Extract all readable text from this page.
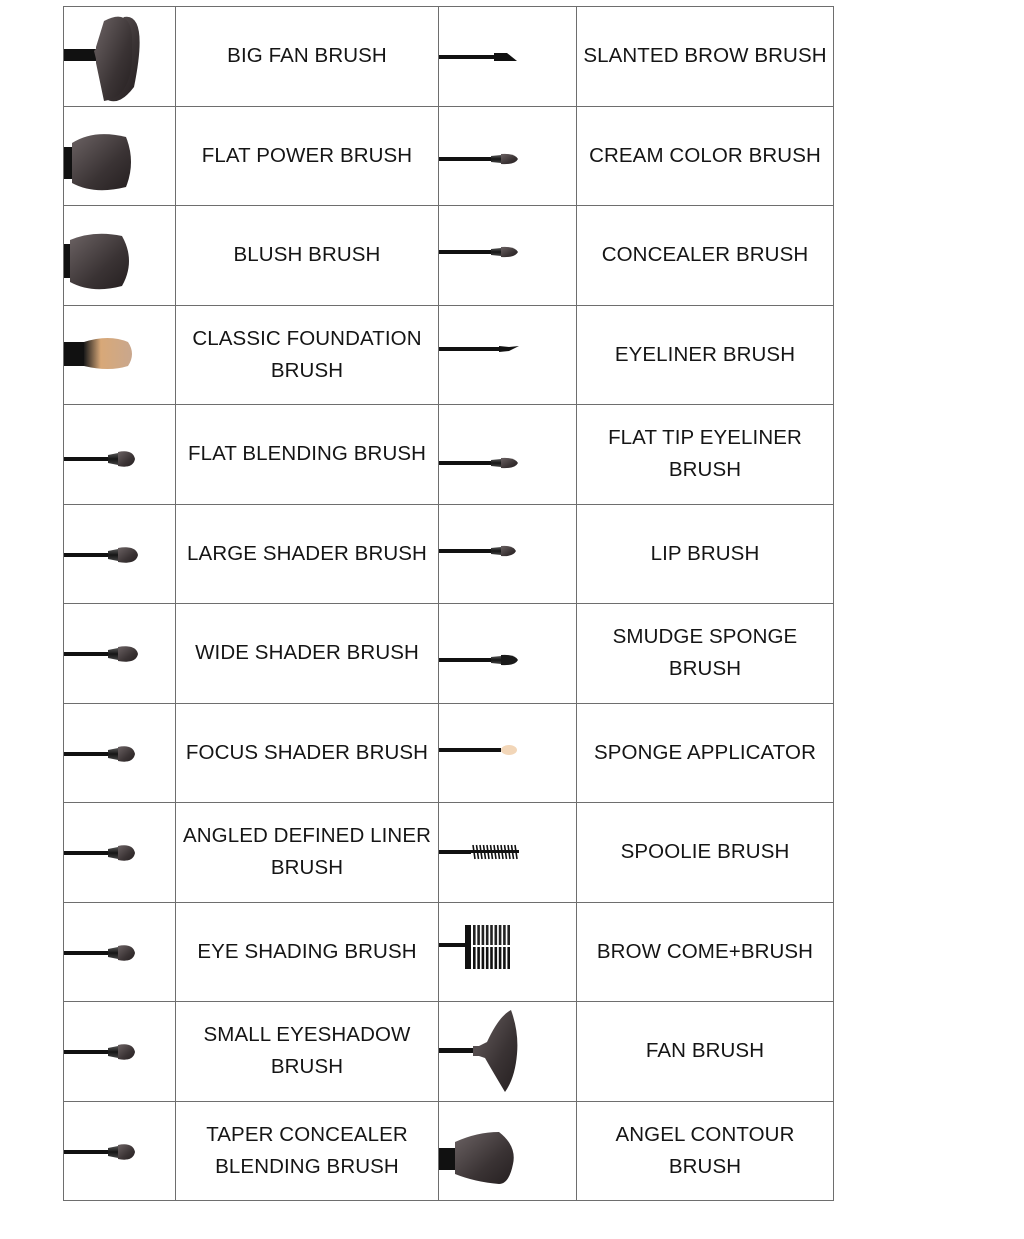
BIG FAN BRUSH		SLANTED BROW BRUSH

FLAT POWER BRUSH		CREAM COLOR BRUSH

BLUSH BRUSH		CONCEALER BRUSH

CLASSIC FOUNDATION
BRUSH		EYELINER BRUSH

FLAT BLENDING BRUSH		FLAT TIP EYELINER
BRUSH

LARGE SHADER BRUSH		LIP BRUSH

WIDE SHADER BRUSH		SMUDGE SPONGE
BRUSH

FOCUS SHADER BRUSH		SPONGE APPLICATOR

ANGLED DEFINED LINER
BRUSH		SPOOLIE BRUSH

EYE SHADING BRUSH		BROW COME+BRUSH

SMALL EYESHADOW
BRUSH		FAN BRUSH

TAPER CONCEALER
BLENDING BRUSH		ANGEL CONTOUR
BRUSH
